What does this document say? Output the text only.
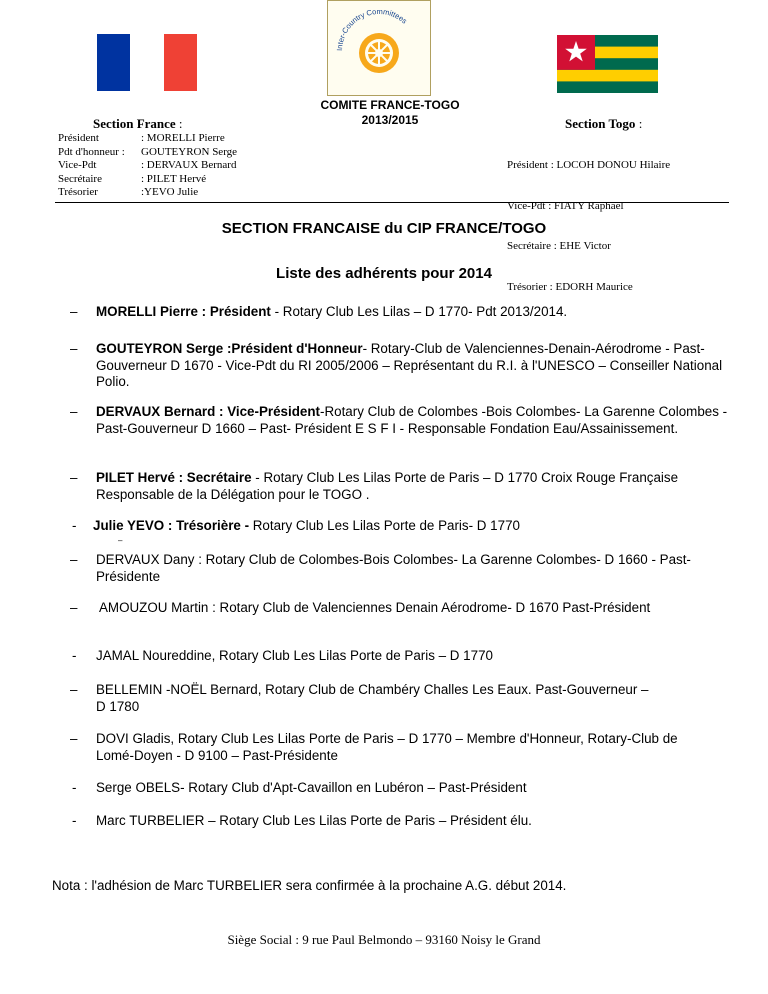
Inter-Country Committees
COMITE FRANCE-TOGO
2013/2015
Section France :
Président	: MORELLI Pierre
Pdt d'honneur : GOUTEYRON Serge
Vice-Pdt	: DERVAUX Bernard
Secrétaire	: PILET Hervé
Trésorier	:YEVO Julie
Section Togo :

Président : LOCOH DONOU Hilaire

Vice-Pdt : FIATY Raphaël

Secrétaire : EHE Victor

Trésorier : EDORH Maurice

SECTION FRANCAISE du CIP FRANCE/TOGO
Liste des adhérents pour 2014
– MORELLI Pierre : Président - Rotary Club Les Lilas – D 1770- Pdt 2013/2014.
– GOUTEYRON Serge :Président d'Honneur- Rotary-Club de Valenciennes-Denain-Aérodrome - Past-Gouverneur D 1670 - Vice-Pdt du RI 2005/2006 – Représentant du R.I. à l'UNESCO – Conseiller National Polio.
– DERVAUX Bernard : Vice-Président-Rotary Club de Colombes -Bois Colombes- La Garenne Colombes -Past-Gouverneur D 1660 – Past- Président E S F I - Responsable Fondation Eau/Assainissement.
– PILET Hervé : Secrétaire - Rotary Club Les Lilas Porte de Paris – D 1770 Croix Rouge Française Responsable de la Délégation pour le TOGO .
- Julie YEVO : Trésorière - Rotary Club Les Lilas Porte de Paris- D 1770
–
– DERVAUX Dany : Rotary Club de Colombes-Bois Colombes- La Garenne Colombes- D 1660 - Past-Présidente
– AMOUZOU Martin : Rotary Club de Valenciennes Denain Aérodrome- D 1670 Past-Président
- JAMAL Noureddine, Rotary Club Les Lilas Porte de Paris – D 1770
– BELLEMIN -NOËL Bernard, Rotary Club de Chambéry Challes Les Eaux. Past-Gouverneur – D 1780
– DOVI Gladis, Rotary Club Les Lilas Porte de Paris – D 1770 – Membre d'Honneur, Rotary-Club de Lomé-Doyen - D 9100 – Past-Présidente
- Serge OBELS- Rotary Club d'Apt-Cavaillon en Lubéron – Past-Président
- Marc TURBELIER – Rotary Club Les Lilas Porte de Paris – Président élu.
Nota : l'adhésion de Marc TURBELIER sera confirmée à la prochaine A.G. début 2014.
Siège Social : 9 rue Paul Belmondo – 93160 Noisy le Grand
